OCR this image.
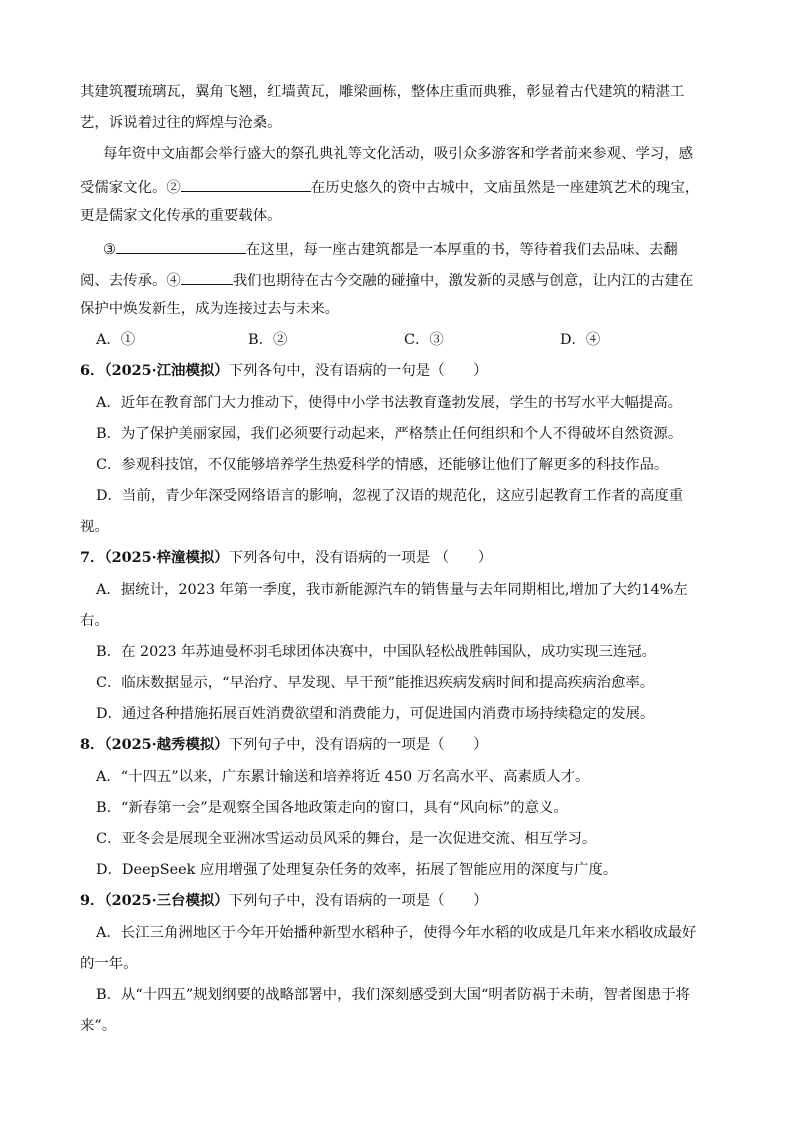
其建筑覆琉璃瓦，翼角飞翘，红墙黄瓦，雕梁画栋，整体庄重而典雅，彰显着古代建筑的精湛工
艺，诉说着过往的辉煌与沧桑。
每年资中文庙都会举行盛大的祭孔典礼等文化活动，吸引众多游客和学者前来参观、学习，感
受儒家文化。②	在历史悠久的资中古城中，文庙虽然是一座建筑艺术的瑰宝，
更是儒家文化传承的重要载体。
③	在这里，每一座古建筑都是一本厚重的书，等待着我们去品味、去翻
阅、去传承。④	我们也期待在古今交融的碰撞中，激发新的灵感与创意，让内江的古建在
保护中焕发新生，成为连接过去与未来。
A．①	B．②	C．③	D．④
6．（2025·江油模拟）下列各句中，没有语病的一句是（　　）
A．近年在教育部门大力推动下，使得中小学书法教育蓬勃发展，学生的书写水平大幅提高。
B．为了保护美丽家园，我们必须要行动起来，严格禁止任何组织和个人不得破坏自然资源。
C．参观科技馆，不仅能够培养学生热爱科学的情感，还能够让他们了解更多的科技作品。
D．当前，青少年深受网络语言的影响，忽视了汉语的规范化，这应引起教育工作者的高度重
视。
7．（2025·梓潼模拟）下列各句中，没有语病的一项是 （　　）
A．据统计，2023 年第一季度，我市新能源汽车的销售量与去年同期相比,增加了大约14%左
右。
B．在 2023 年苏迪曼杯羽毛球团体决赛中，中国队轻松战胜韩国队，成功实现三连冠。
C．临床数据显示，“早治疗、早发现、早干预”能推迟疾病发病时间和提高疾病治愈率。
D．通过各种措施拓展百姓消费欲望和消费能力，可促进国内消费市场持续稳定的发展。
8．（2025·越秀模拟）下列句子中，没有语病的一项是（　　）
A．“十四五”以来，广东累计输送和培养将近 450 万名高水平、高素质人才。
B．“新春第一会”是观察全国各地政策走向的窗口，具有“风向标”的意义。
C．亚冬会是展现全亚洲冰雪运动员风采的舞台，是一次促进交流、相互学习。
D．DeepSeek 应用增强了处理复杂任务的效率，拓展了智能应用的深度与广度。
9．（2025·三台模拟）下列句子中，没有语病的一项是（　　）
A．长江三角洲地区于今年开始播种新型水稻种子，使得今年水稻的收成是几年来水稻收成最好
的一年。
B．从“十四五”规划纲要的战略部署中，我们深刻感受到大国“明者防祸于未萌，智者图患于将
来”。
